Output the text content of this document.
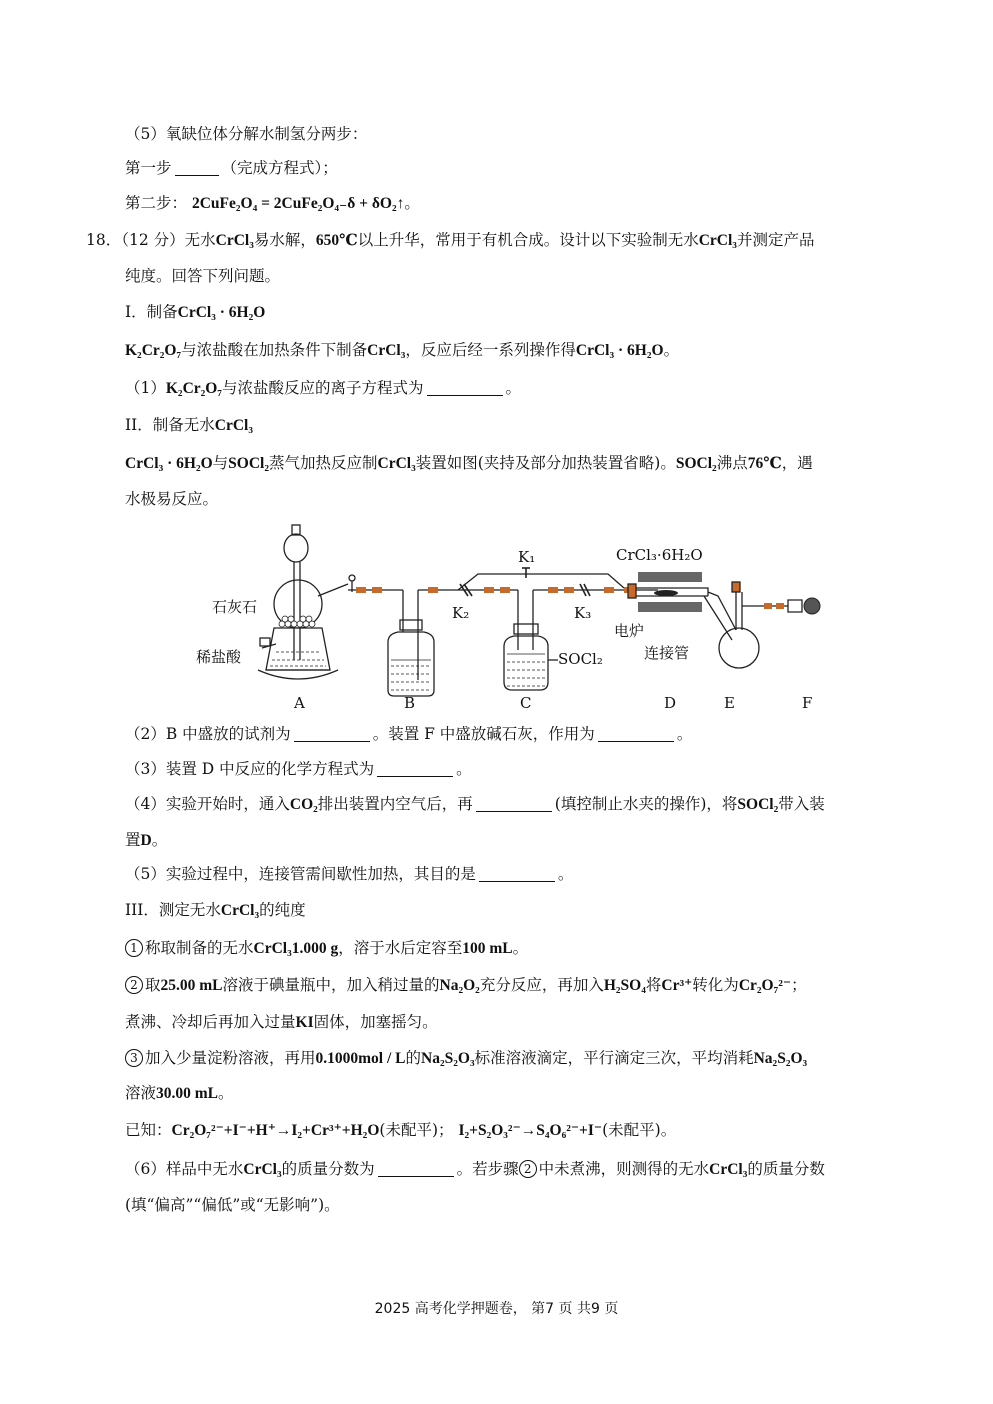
（5）氧缺位体分解水制氢分两步：
第一步	（完成方程式）；
第二步： 2CuFe₂O₄ = 2CuFe₂O₄₋δ + δO₂↑。
18．（12 分）无水CrCl₃易水解，650℃以上升华，常用于有机合成。设计以下实验制无水CrCl₃并测定产品
纯度。回答下列问题。
I．制备CrCl₃ · 6H₂O
K₂Cr₂O₇与浓盐酸在加热条件下制备CrCl₃，反应后经一系列操作得CrCl₃ · 6H₂O。
（1）K₂Cr₂O₇与浓盐酸反应的离子方程式为	。
II．制备无水CrCl₃
CrCl₃ · 6H₂O与SOCl₂蒸气加热反应制CrCl₃装置如图(夹持及部分加热装置省略)。SOCl₂沸点76℃，遇
水极易反应。
石灰石
稀盐酸
K₁
K₂	K₃
SOCl₂
CrCl₃·6H₂O
电炉
连接管
A	B	C	D	E	F
（2）B 中盛放的试剂为	。装置 F 中盛放碱石灰，作用为	。
（3）装置 D 中反应的化学方程式为	。
（4）实验开始时，通入CO₂排出装置内空气后，再	(填控制止水夹的操作)，将SOCl₂带入装
置D。
（5）实验过程中，连接管需间歇性加热，其目的是	。
III．测定无水CrCl₃的纯度
1 称取制备的无水CrCl₃1.000 g，溶于水后定容至100 mL。
2 取25.00 mL溶液于碘量瓶中，加入稍过量的Na₂O₂充分反应，再加入H₂SO₄将Cr³⁺转化为Cr₂O₇²⁻；
煮沸、冷却后再加入过量KI固体，加塞摇匀。
3 加入少量淀粉溶液，再用0.1000mol / L的Na₂S₂O₃标准溶液滴定，平行滴定三次，平均消耗Na₂S₂O₃
溶液30.00 mL。
已知：Cr₂O₇²⁻+I⁻+H⁺→I₂+Cr³⁺+H₂O(未配平)； I₂+S₂O₃²⁻→S₄O₆²⁻+I⁻(未配平)。
（6）样品中无水CrCl₃的质量分数为	。若步骤 2 中未煮沸，则测得的无水CrCl₃的质量分数
(填“偏高”“偏低”或“无影响”)。
2025 高考化学押题卷， 第7 页 共9 页
